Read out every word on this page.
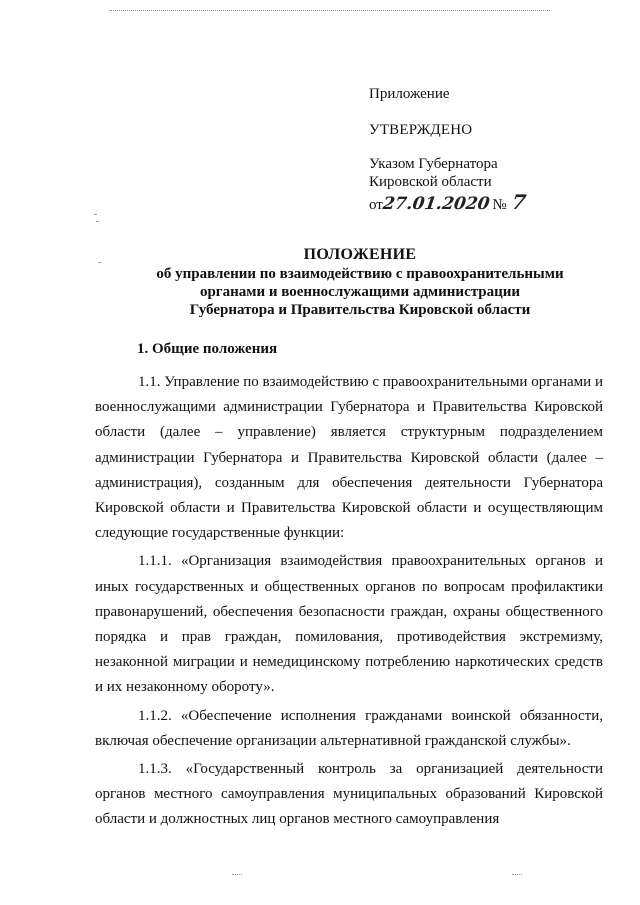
Приложение
УТВЕРЖДЕНО
Указом Губернатора
Кировской области
от
27.01.2020 № 7
ПОЛОЖЕНИЕ
об управлении по взаимодействию с правоохранительными
органами и военнослужащими администрации
Губернатора и Правительства Кировской области
1. Общие положения

1.1. Управление по взаимодействию с правоохранительными органами и военнослужащими администрации Губернатора и Правительства Кировской области (далее – управление) является структурным подразделением администрации Губернатора и Правительства Кировской области (далее – администрация), созданным для обеспечения деятельности Губернатора Кировской области и Правительства Кировской области и осуществляющим следующие государственные функции:

1.1.1. «Организация взаимодействия правоохранительных органов и иных государственных и общественных органов по вопросам профилактики правонарушений, обеспечения безопасности граждан, охраны общественного порядка и прав граждан, помилования, противодействия экстремизму, незаконной миграции и немедицинскому потреблению наркотических средств и их незаконному обороту».

1.1.2. «Обеспечение исполнения гражданами воинской обязанности, включая обеспечение организации альтернативной гражданской службы».

1.1.3. «Государственный контроль за организацией деятельности органов местного самоуправления муниципальных образований Кировской области и должностных лиц органов местного самоуправления
